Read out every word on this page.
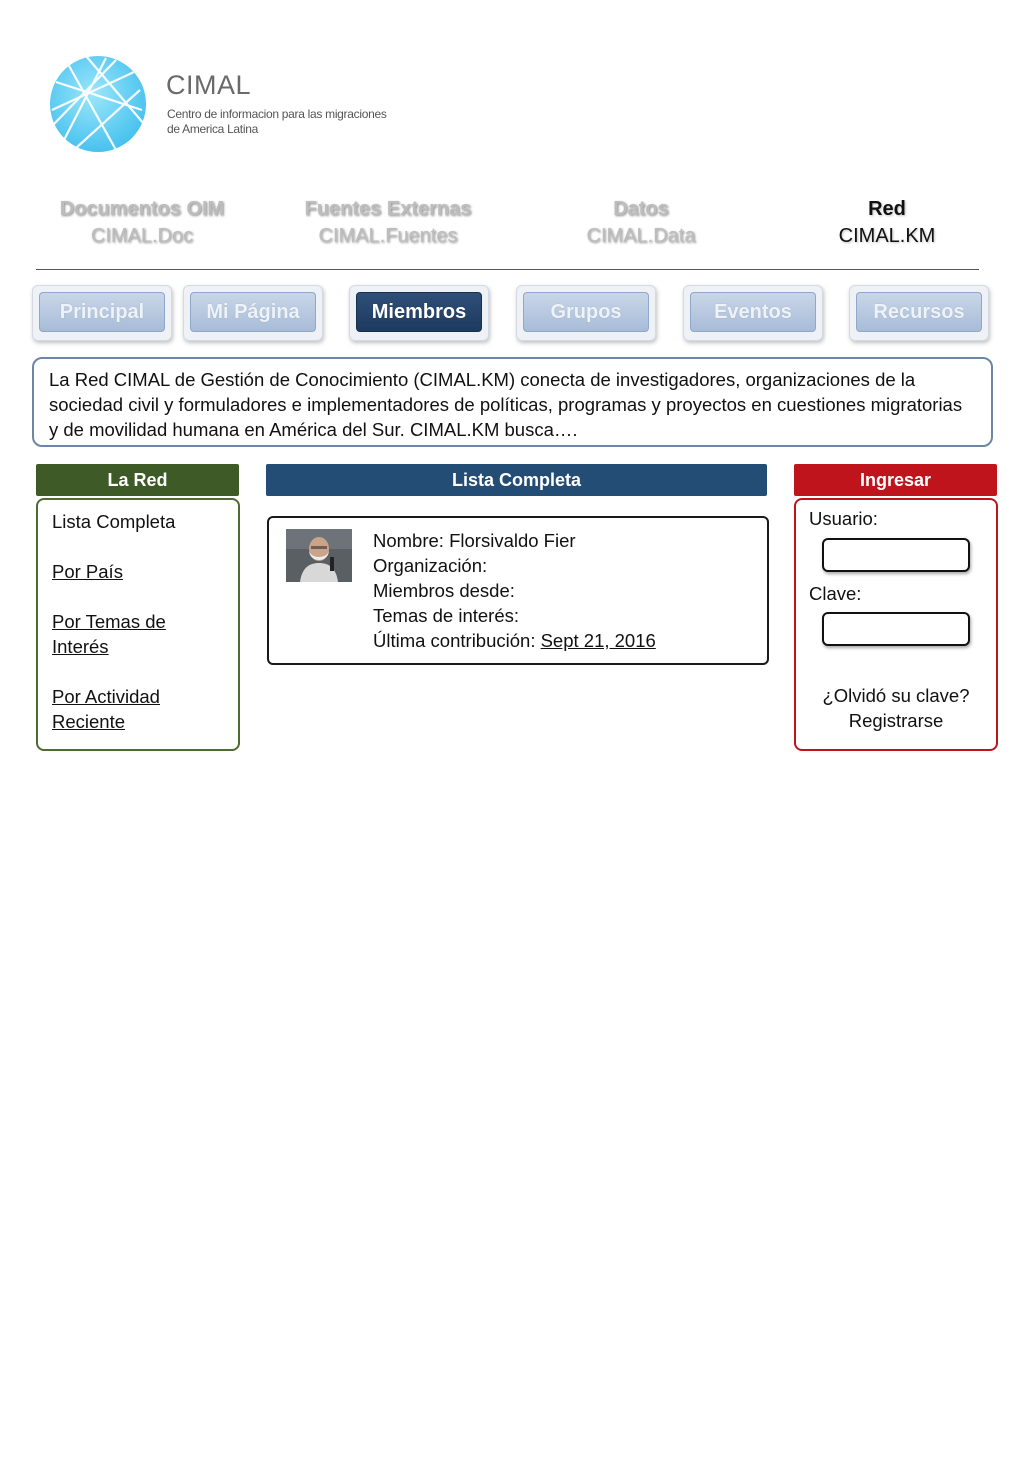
CIMAL
Centro de informacion para las migraciones
de America Latina
Documentos OIM
CIMAL.Doc
Fuentes Externas
CIMAL.Fuentes
Datos
CIMAL.Data
Red
CIMAL.KM
Principal	Mi Página	Miembros	Grupos	Eventos	Recursos
La Red CIMAL de Gestión de Conocimiento (CIMAL.KM) conecta de investigadores, organizaciones de la sociedad civil y formuladores e implementadores de políticas, programas y proyectos en cuestiones migratorias y de movilidad humana en América del Sur. CIMAL.KM busca….
La Red	Lista Completa	Ingresar
Lista Completa
Por País
Por Temas de Interés
Por Actividad Reciente
Nombre: Florsivaldo Fier
Organización:
Miembros desde:
Temas de interés:
Última contribución: Sept 21, 2016
Usuario:
Clave:
¿Olvidó su clave?
Registrarse
